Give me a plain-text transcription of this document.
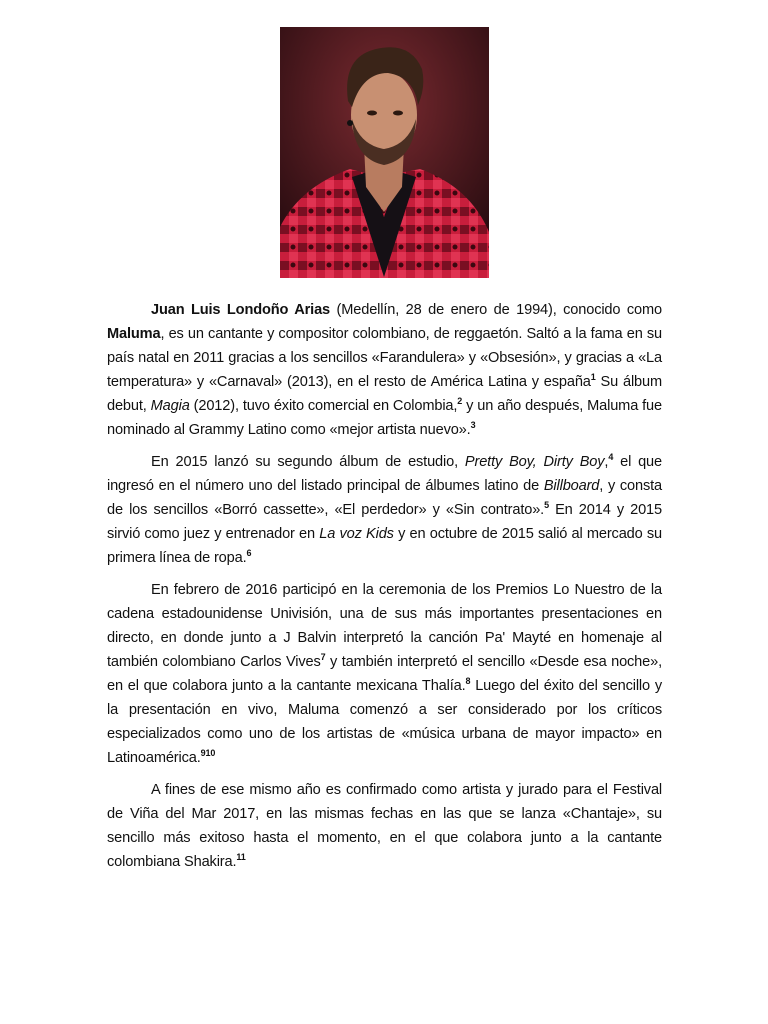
Juan Luis Londoño Arias (Medellín, 28 de enero de 1994), conocido como Maluma, es un cantante y compositor colombiano, de reggaetón. Saltó a la fama en su país natal en 2011 gracias a los sencillos «Farandulera» y «Obsesión», y gracias a «La temperatura» y «Carnaval» (2013), en el resto de América Latina y españa$^1$ Su álbum debut, Magia (2012), tuvo éxito comercial en Colombia,$^2$ y un año después, Maluma fue nominado al Grammy Latino como «mejor artista nuevo».$^3$

En 2015 lanzó su segundo álbum de estudio, Pretty Boy, Dirty Boy,$^4$ el que ingresó en el número uno del listado principal de álbumes latino de Billboard, y consta de los sencillos «Borró cassette», «El perdedor» y «Sin contrato».$^5$ En 2014 y 2015 sirvió como juez y entrenador en La voz Kids y en octubre de 2015 salió al mercado su primera línea de ropa.$^6$

En febrero de 2016 participó en la ceremonia de los Premios Lo Nuestro de la cadena estadounidense Univisión, una de sus más importantes presentaciones en directo, en donde junto a J Balvin interpretó la canción Pa' Mayté en homenaje al también colombiano Carlos Vives$^7$ y también interpretó el sencillo «Desde esa noche», en el que colabora junto a la cantante mexicana Thalía.$^8$ Luego del éxito del sencillo y la presentación en vivo, Maluma comenzó a ser considerado por los críticos especializados como uno de los artistas de «música urbana de mayor impacto» en Latinoamérica.$^{910}$

A fines de ese mismo año es confirmado como artista y jurado para el Festival de Viña del Mar 2017, en las mismas fechas en las que se lanza «Chantaje», su sencillo más exitoso hasta el momento, en el que colabora junto a la cantante colombiana Shakira.$^{11}$
